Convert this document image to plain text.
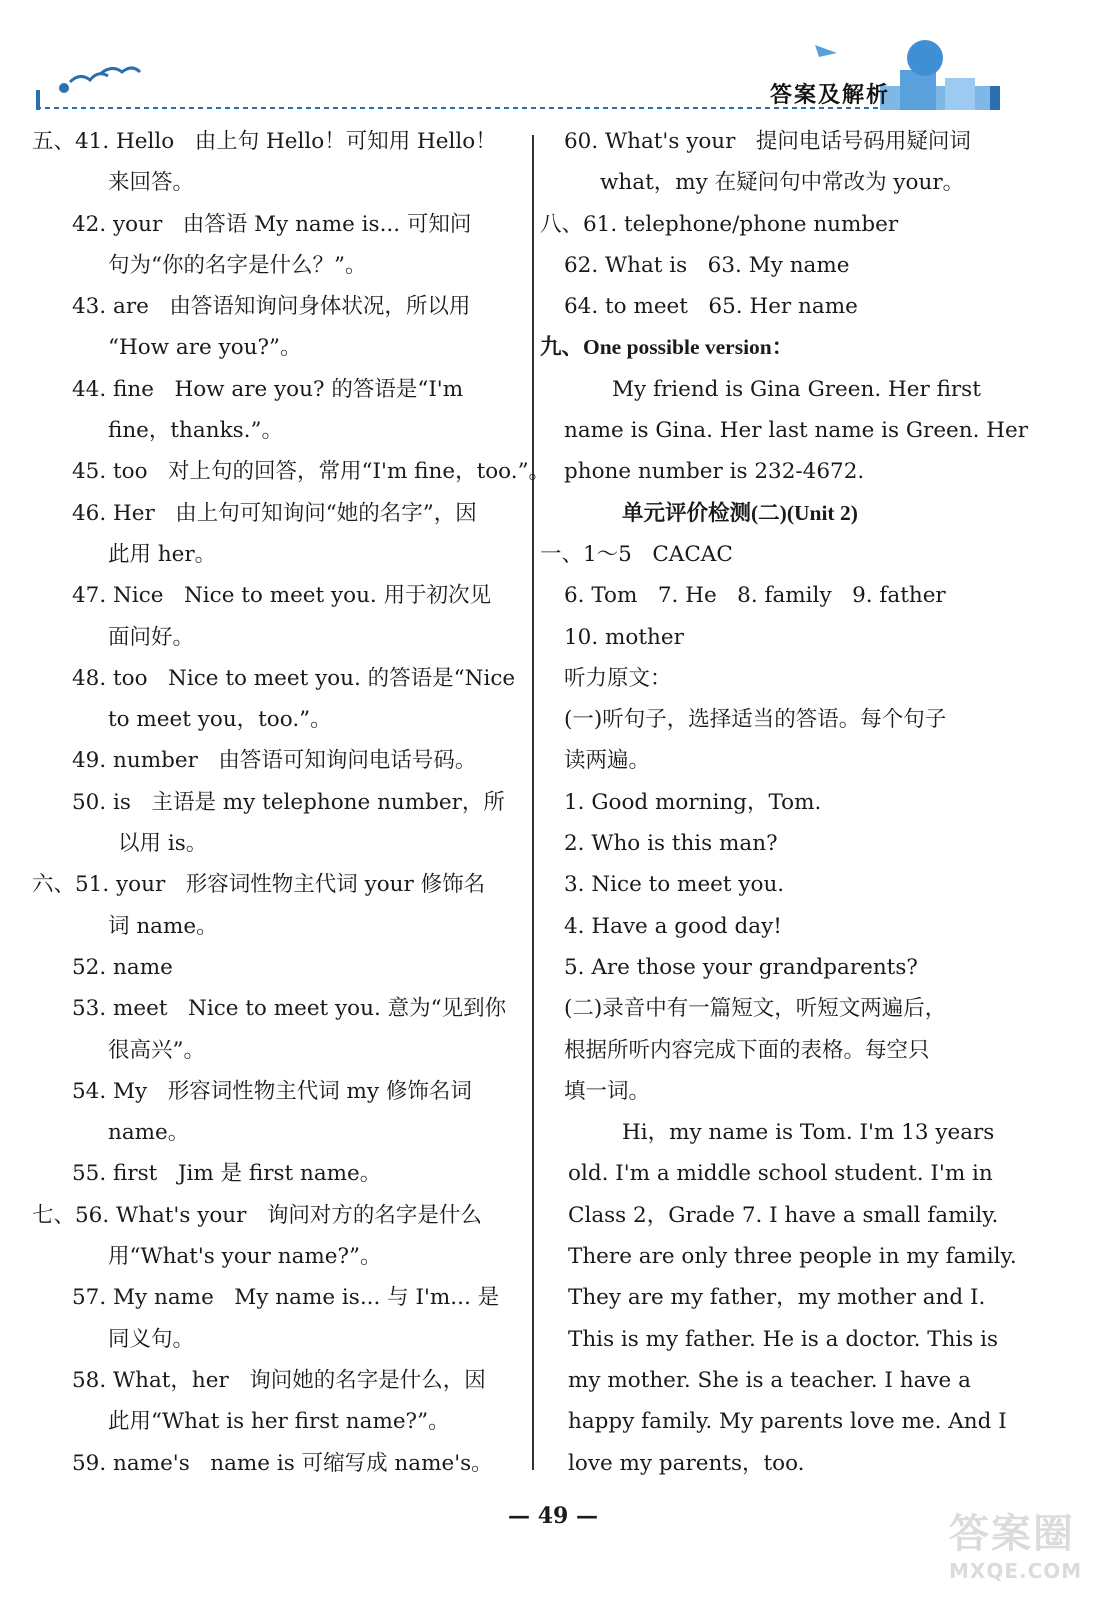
答案及解析
五、41. Hello   由上句 Hello！可知用 Hello！
来回答。
42. your   由答语 My name is... 可知问
句为“你的名字是什么？”。
43. are   由答语知询问身体状况，所以用
“How are you?”。
44. fine   How are you? 的答语是“I'm
fine，thanks.”。
45. too   对上句的回答，常用“I'm fine，too.”。
46. Her   由上句可知询问“她的名字”，因
此用 her。
47. Nice   Nice to meet you. 用于初次见
面问好。
48. too   Nice to meet you. 的答语是“Nice
to meet you，too.”。
49. number   由答语可知询问电话号码。
50. is   主语是 my telephone number，所
以用 is。
六、51. your   形容词性物主代词 your 修饰名
词 name。
52. name
53. meet   Nice to meet you. 意为“见到你
很高兴”。
54. My   形容词性物主代词 my 修饰名词
name。
55. first   Jim 是 first name。
七、56. What's your   询问对方的名字是什么
用“What's your name?”。
57. My name   My name is... 与 I'm... 是
同义句。
58. What，her   询问她的名字是什么，因
此用“What is her first name?”。
59. name's   name is 可缩写成 name's。
60. What's your   提问电话号码用疑问词
what，my 在疑问句中常改为 your。
八、61. telephone/phone number
62. What is   63. My name
64. to meet   65. Her name
九、One possible version：
My friend is Gina Green. Her first
name is Gina. Her last name is Green. Her
phone number is 232-4672.
单元评价检测(二)(Unit 2)
一、1～5   CACAC
6. Tom   7. He   8. family   9. father
10. mother
听力原文：
(一)听句子，选择适当的答语。每个句子
读两遍。
1. Good morning，Tom.
2. Who is this man?
3. Nice to meet you.
4. Have a good day!
5. Are those your grandparents?
(二)录音中有一篇短文，听短文两遍后，
根据所听内容完成下面的表格。每空只
填一词。
Hi，my name is Tom. I'm 13 years
old. I'm a middle school student. I'm in
Class 2，Grade 7. I have a small family.
There are only three people in my family.
They are my father，my mother and I.
This is my father. He is a doctor. This is
my mother. She is a teacher. I have a
happy family. My parents love me. And I
love my parents，too.
— 49 —	答案圈
MXQE.COM
